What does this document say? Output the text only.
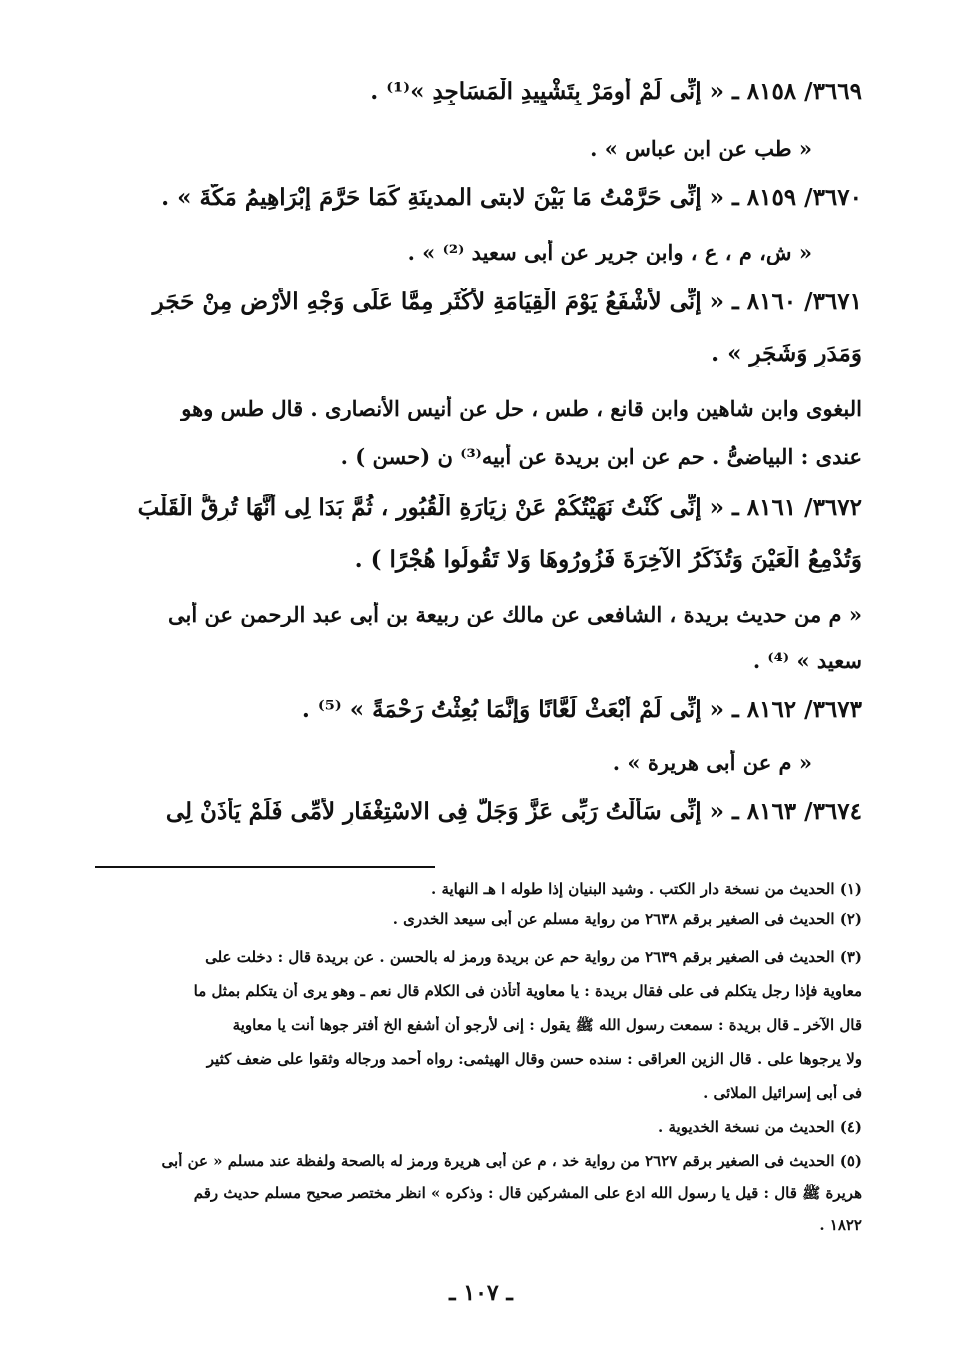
٣٦٦٩/ ٨١٥٨ ـ « إِنِّى لَمْ أُومَرْ بِتَشْيِيدِ الْمَسَاجِدِ »⁽¹⁾ .
« طب عن ابن عباس » .
٣٦٧٠/ ٨١٥٩ ـ « إِنِّى حَرَّمْتُ مَا بَيْنَ لابتى المدينَةِ كَمَا حَرَّمَ إِبْرَاهِيمُ مَكَّةَ » .
« ش، م ، ع ، وابن جرير عن أبى سعيد ⁽²⁾ » .
٣٦٧١/ ٨١٦٠ ـ « إِنِّى لأَشْفَعُ يَوْمَ الْقِيَامَةِ لأَكْثَرِ مِمَّا عَلَى وَجْهِ الأَرْضِ مِنْ حَجَرٍ
وَمَدَرٍ وَشَجَرٍ » .
البغوى وابن شاهين وابن قانع ، طس ، حل عن أنيس الأنصارى . قال طس وهو
عندى : البياضىُّ . حم عن ابن بريدة عن أبيه⁽³⁾ ن (حسن ) .
٣٦٧٢/ ٨١٦١ ـ « إِنِّى كُنْتُ نَهَيْتُكُمْ عَنْ زِيَارَةِ الْقُبُورِ ، ثُمَّ بَدَا لِى أَنَّهَا تُرِقُّ الْقَلْبَ
وَتُدْمِعُ الْعَيْنَ وَتُذَكِّرُ الآخِرَةَ فَزُورُوهَا وَلا تَقُولُوا هُجْرًا ) .
« م من حديث بريدة ، الشافعى عن مالك عن ربيعة بن أبى عبد الرحمن عن أبى
سعيد » ⁽⁴⁾ .
٣٦٧٣/ ٨١٦٢ ـ « إِنِّى لَمْ أُبْعَثْ لَعَّانًا وَإِنَّمَا بُعِثْتُ رَحْمَةً » ⁽⁵⁾ .
« م عن أبى هريرة » .
٣٦٧٤/ ٨١٦٣ ـ « إِنِّى سَأَلْتُ رَبِّى عَزَّ وَجَلَّ فِى الاسْتِغْفَارِ لأُمِّى فَلَمْ يَأْذَنْ لِى
(١) الحديث من نسخة دار الكتب . وشيد البنيان إذا طوله ا هـ النهاية .
(٢) الحديث فى الصغير برقم ٢٦٣٨ من رواية مسلم عن أبى سيعد الخدرى .
(٣) الحديث فى الصغير برقم ٢٦٣٩ من رواية حم عن بريدة ورمز له بالحسن . عن بريدة قال : دخلت على
معاوية فإذا رجل يتكلم فى على فقال بريدة : يا معاوية أتأذن فى الكلام قال نعم ـ وهو يرى أن يتكلم بمثل ما
قال الآخر ـ قال بريدة : سمعت رسول الله ﷺ يقول : إنى لأرجو أن أشفع الخ أفتر جوها أنت يا معاوية
ولا يرجوها على . قال الزين العراقى : سنده حسن وقال الهيثمى: رواه أحمد ورجاله وثقوا على ضعف كثير
فى أبى إسرائيل الملائى .
(٤) الحديث من نسخة الخديوية .
(٥) الحديث فى الصغير برقم ٢٦٢٧ من رواية خد ، م عن أبى هريرة ورمز له بالصحة ولفظة عند مسلم « عن أبى
هريرة ﷺ قال : قيل يا رسول الله ادع على المشركين قال : وذكره » انظر مختصر صحيح مسلم حديث رقم
١٨٢٢ .
ـ ١٠٧ ـ
